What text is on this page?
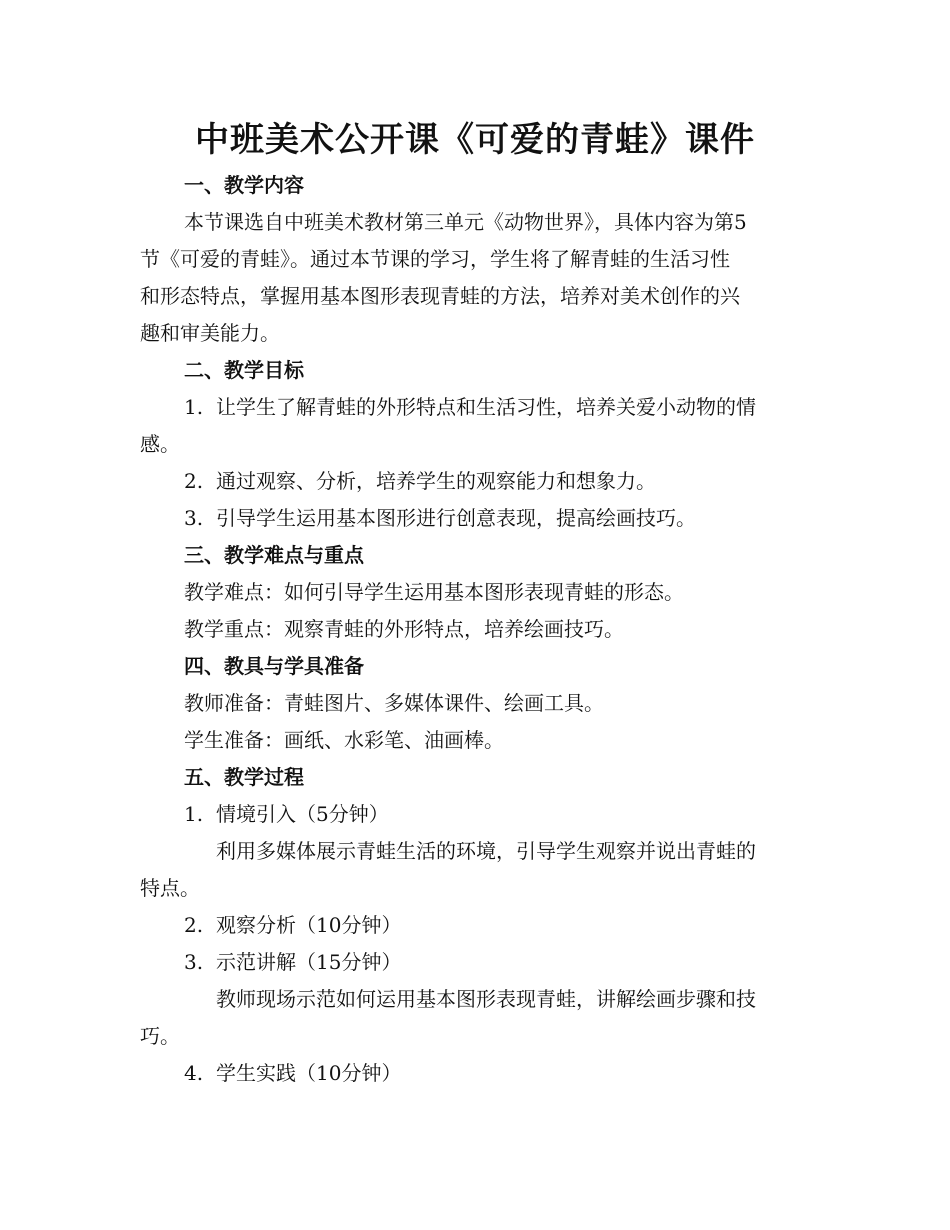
中班美术公开课《可爱的青蛙》课件
一、教学内容
本节课选自中班美术教材第三单元《动物世界》，具体内容为第5
节《可爱的青蛙》。通过本节课的学习，学生将了解青蛙的生活习性
和形态特点，掌握用基本图形表现青蛙的方法，培养对美术创作的兴
趣和审美能力。
二、教学目标
1. 让学生了解青蛙的外形特点和生活习性，培养关爱小动物的情
感。
2. 通过观察、分析，培养学生的观察能力和想象力。
3. 引导学生运用基本图形进行创意表现，提高绘画技巧。
三、教学难点与重点
教学难点：如何引导学生运用基本图形表现青蛙的形态。
教学重点：观察青蛙的外形特点，培养绘画技巧。
四、教具与学具准备
教师准备：青蛙图片、多媒体课件、绘画工具。
学生准备：画纸、水彩笔、油画棒。
五、教学过程
1. 情境引入（5分钟）
利用多媒体展示青蛙生活的环境，引导学生观察并说出青蛙的
特点。
2. 观察分析（10分钟）
3. 示范讲解（15分钟）
教师现场示范如何运用基本图形表现青蛙，讲解绘画步骤和技
巧。
4. 学生实践（10分钟）
